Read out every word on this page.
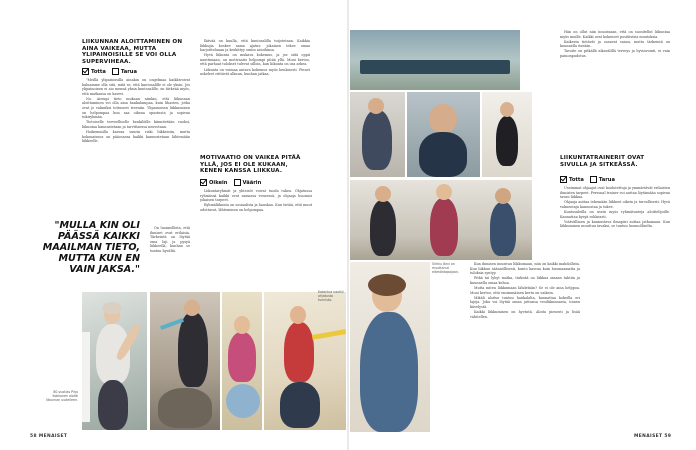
LIIKUNNAN ALOITTAMINEN ON AINA VAIKEAA, MUTTA YLIPAINOISILLE SE VOI OLLA SUPERVIHEAA.
Totta	Tarua

"Meillä ylipainoisilla ainakin on ongelmaa kaikkivoivat haluamme olla sitä, mitä se, että kuntosalille ei ole yksin. Jos ylipainoinen ei aio mennä yksin kuntosalille, on tärkeää myös, että matkassa on kaveri.

No. Aiempi tieto mukaan niinkin, että liikunnan aloittaminen voi olla aina hankalampaa, kuin lihasten, jotka ovat jo valmiiksi tottuneet treeniin. Ylipainoisen liikkuminen on helpompaa kun saa oikeaa opastusta ja sopivan tukiryhmän.

Tietoiselle terveelliselle henkilöille kiinnitetään vuoksi, liikuntaa kannustetaan ja tarvittaessa neuvotaan.

Hoikemmilla kasvaa suurin riski liikkeisiin, mutta kokonaisuus on pääosassa kaikki kannustetaan lähtemään liikkeelle.

On luonnollista, että ihmiset ovat erilaisia. Tärkeintä on löytää oma laji ja pysyä liikkeellä, kunhan se tuntuu hyvältä.

"MULLA KIN OLI PÄÄSSÄ KAIKKI MAAILMAN TIETO, MUTTA KUN EN VAIN JAKSA."

Ikävää on kuulla, että kuntosalilla tuijotetaan. Kaikkia liikkujia koskee sama ajatus: jokainen tekee omaa harjoitteluaan ja keskittyy omiin asioihinsa.

Hyvä liikunta on mukava kokemus, ja jos siitä oppii nauttimaan, on motivaatio helpompi pitää yllä. Moni kertoo, että parhaat tulokset tulevat silloin, kun liikunta on osa arkea.

Liikunta on voimaa antava kokemus myös henkisesti. Pienet askeleet riittävät alkuun, kunhan jatkaa.

MOTIVAATIO ON VAIKEA PITÄÄ YLLÄ, JOS EI OLE KUKAAN, KENEN KANSSA LIIKKUA.
Oikein	Väärin

Liikuntaryhmät ja yhteisöt voivat tuoda tukea. Ohjatussa ryhmässä kaikki ovat samassa veneessä, ja ohjaaja huomioi jokaisen tarpeet.

Ryhmäliikunta on sosiaalista ja hauskaa. Kun tietää, että muut odottavat, lähteminen on helpompaa.

80-vuotias Pirjo Kokkonen aloitti liikunnan uudelleen.
Katariina nauttii ohjatusta tunnista.
58 MENAISET
Sirkku Järvi on muuttanut elämäntapojaan.

Kun ihminen innostuu liikkumaan, niin on kaikki mahdollista. Kun liikkuu säännöllisesti, kunto kasvaa kuin huomaamatta ja tuloksia syntyy.

Pitkä tai lyhyt matka, tärkeää on liikkua omaan tahtiin ja kuunnella omaa kehoa.

Mutta miten liikkumaan lähdetään? Se ei ole aina helppoa. Moni kertoo, että ensimmäinen kerta on vaikein.

Mikäli aloitus tuntuu hankalalta, kannattaa kokeilla eri lajeja. Joku voi löytää oman juttunsa vesiliikunnasta, toinen kävelystä.

Kaikki liikkuminen on hyvästä. Aloita pienesti ja lisää vähitellen.

Hän on ollut niin innoissaan, että on suositellut liikuntaa myös muille. Kaikki ovat kokeneet positiivisia muutoksia.

Kaikesta tietävät ja osaavat sanoa, mutta tärkeintä on kuunnella itseään.

Tavoite on pitkällä aikavälillä terveys ja hyvinvointi, ei vain painonpudotus.

LIIKUNTATRAINERIT OVAT SIVULLA JA SITKEÄSSÄ.
Totta	Tarua

Useimmat ohjaajat ovat koulutettuja ja ymmärtävät erilaisten ihmisten tarpeet. Personal trainer voi auttaa löytämään sopivan tavan liikkua.

Ohjaaja auttaa tekemään liikkeet oikein ja turvallisesti. Hyvä valmentaja kannustaa ja tukee.

Kuntosaleilla on usein myös ryhmätunteja aloittelijoille. Kannattaa kysyä rohkeasti.

Ystävällinen ja kannustava ilmapiiri auttaa jatkamaan. Kun liikkuminen muuttuu tavaksi, se tuntuu luonnolliselta.

MENAISET 59
